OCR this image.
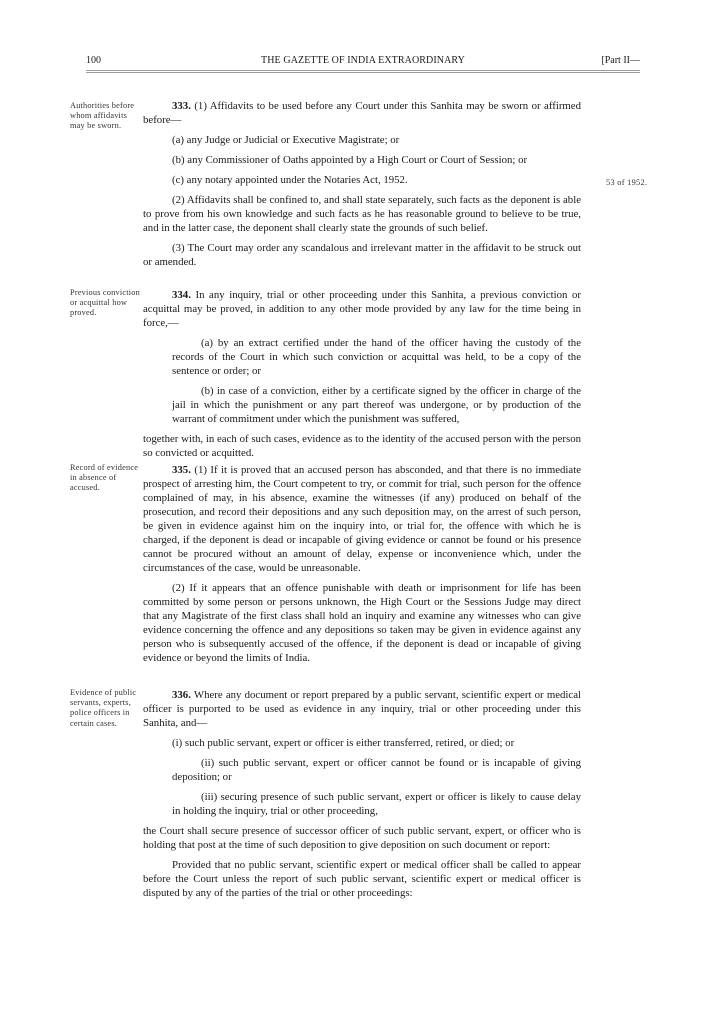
100	THE GAZETTE OF INDIA EXTRAORDINARY	[Part II—
Authorities before whom affidavits may be sworn.
53 of 1952.
Previous conviction or acquittal how proved.
Record of evidence in absence of accused.
Evidence of public servants, experts, police officers in certain cases.

333. (1) Affidavits to be used before any Court under this Sanhita may be sworn or affirmed before—

(a) any Judge or Judicial or Executive Magistrate; or

(b) any Commissioner of Oaths appointed by a High Court or Court of Session; or

(c) any notary appointed under the Notaries Act, 1952.

(2) Affidavits shall be confined to, and shall state separately, such facts as the deponent is able to prove from his own knowledge and such facts as he has reasonable ground to believe to be true, and in the latter case, the deponent shall clearly state the grounds of such belief.

(3) The Court may order any scandalous and irrelevant matter in the affidavit to be struck out or amended.

334. In any inquiry, trial or other proceeding under this Sanhita, a previous conviction or acquittal may be proved, in addition to any other mode provided by any law for the time being in force,—

(a) by an extract certified under the hand of the officer having the custody of the records of the Court in which such conviction or acquittal was held, to be a copy of the sentence or order; or

(b) in case of a conviction, either by a certificate signed by the officer in charge of the jail in which the punishment or any part thereof was undergone, or by production of the warrant of commitment under which the punishment was suffered,

together with, in each of such cases, evidence as to the identity of the accused person with the person so convicted or acquitted.

335. (1) If it is proved that an accused person has absconded, and that there is no immediate prospect of arresting him, the Court competent to try, or commit for trial, such person for the offence complained of may, in his absence, examine the witnesses (if any) produced on behalf of the prosecution, and record their depositions and any such deposition may, on the arrest of such person, be given in evidence against him on the inquiry into, or trial for, the offence with which he is charged, if the deponent is dead or incapable of giving evidence or cannot be found or his presence cannot be procured without an amount of delay, expense or inconvenience which, under the circumstances of the case, would be unreasonable.

(2) If it appears that an offence punishable with death or imprisonment for life has been committed by some person or persons unknown, the High Court or the Sessions Judge may direct that any Magistrate of the first class shall hold an inquiry and examine any witnesses who can give evidence concerning the offence and any depositions so taken may be given in evidence against any person who is subsequently accused of the offence, if the deponent is dead or incapable of giving evidence or beyond the limits of India.

336. Where any document or report prepared by a public servant, scientific expert or medical officer is purported to be used as evidence in any inquiry, trial or other proceeding under this Sanhita, and—

(i) such public servant, expert or officer is either transferred, retired, or died; or

(ii) such public servant, expert or officer cannot be found or is incapable of giving deposition; or

(iii) securing presence of such public servant, expert or officer is likely to cause delay in holding the inquiry, trial or other proceeding,

the Court shall secure presence of successor officer of such public servant, expert, or officer who is holding that post at the time of such deposition to give deposition on such document or report:

Provided that no public servant, scientific expert or medical officer shall be called to appear before the Court unless the report of such public servant, scientific expert or medical officer is disputed by any of the parties of the trial or other proceedings:
